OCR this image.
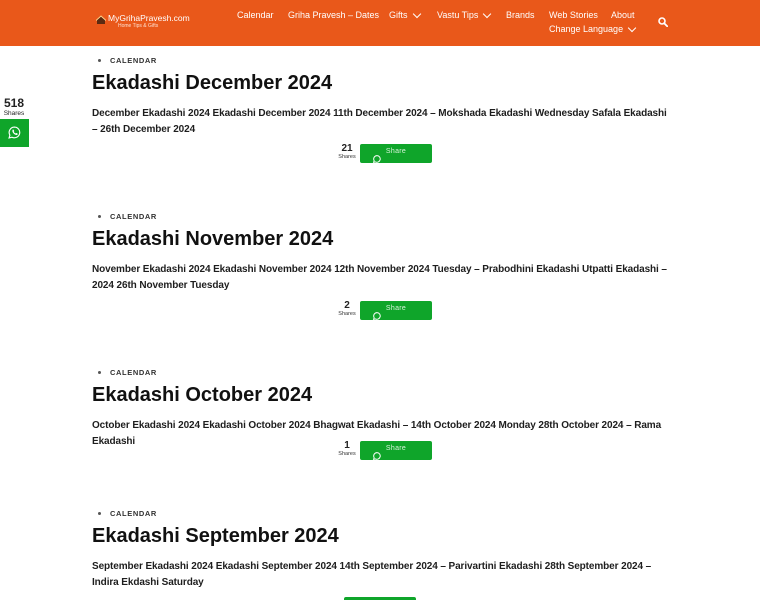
MyGrihaPravesh.com
Home Tips & Gifts
Calendar Griha Pravesh – Dates Gifts	Vastu Tips	Brands Web Stories About
Change Language
518
Shares
CALENDAR
Ekadashi December 2024
December Ekadashi 2024 Ekadashi December 2024 11th December 2024 – Mokshada Ekadashi Wednesday Safala Ekadashi – 26th December 2024
21
Shares
Share
CALENDAR
Ekadashi November 2024
November Ekadashi 2024 Ekadashi November 2024 12th November 2024 Tuesday – Prabodhini Ekadashi Utpatti Ekadashi – 2024 26th November Tuesday
2
Shares
Share
CALENDAR
Ekadashi October 2024
October Ekadashi 2024 Ekadashi October 2024 Bhagwat Ekadashi – 14th October 2024 Monday 28th October 2024 – Rama Ekadashi	1
Shares
Share
CALENDAR
Ekadashi September 2024
September Ekadashi 2024 Ekadashi September 2024 14th September 2024 – Parivartini Ekadashi 28th September 2024 – Indira Ekdashi Saturday
